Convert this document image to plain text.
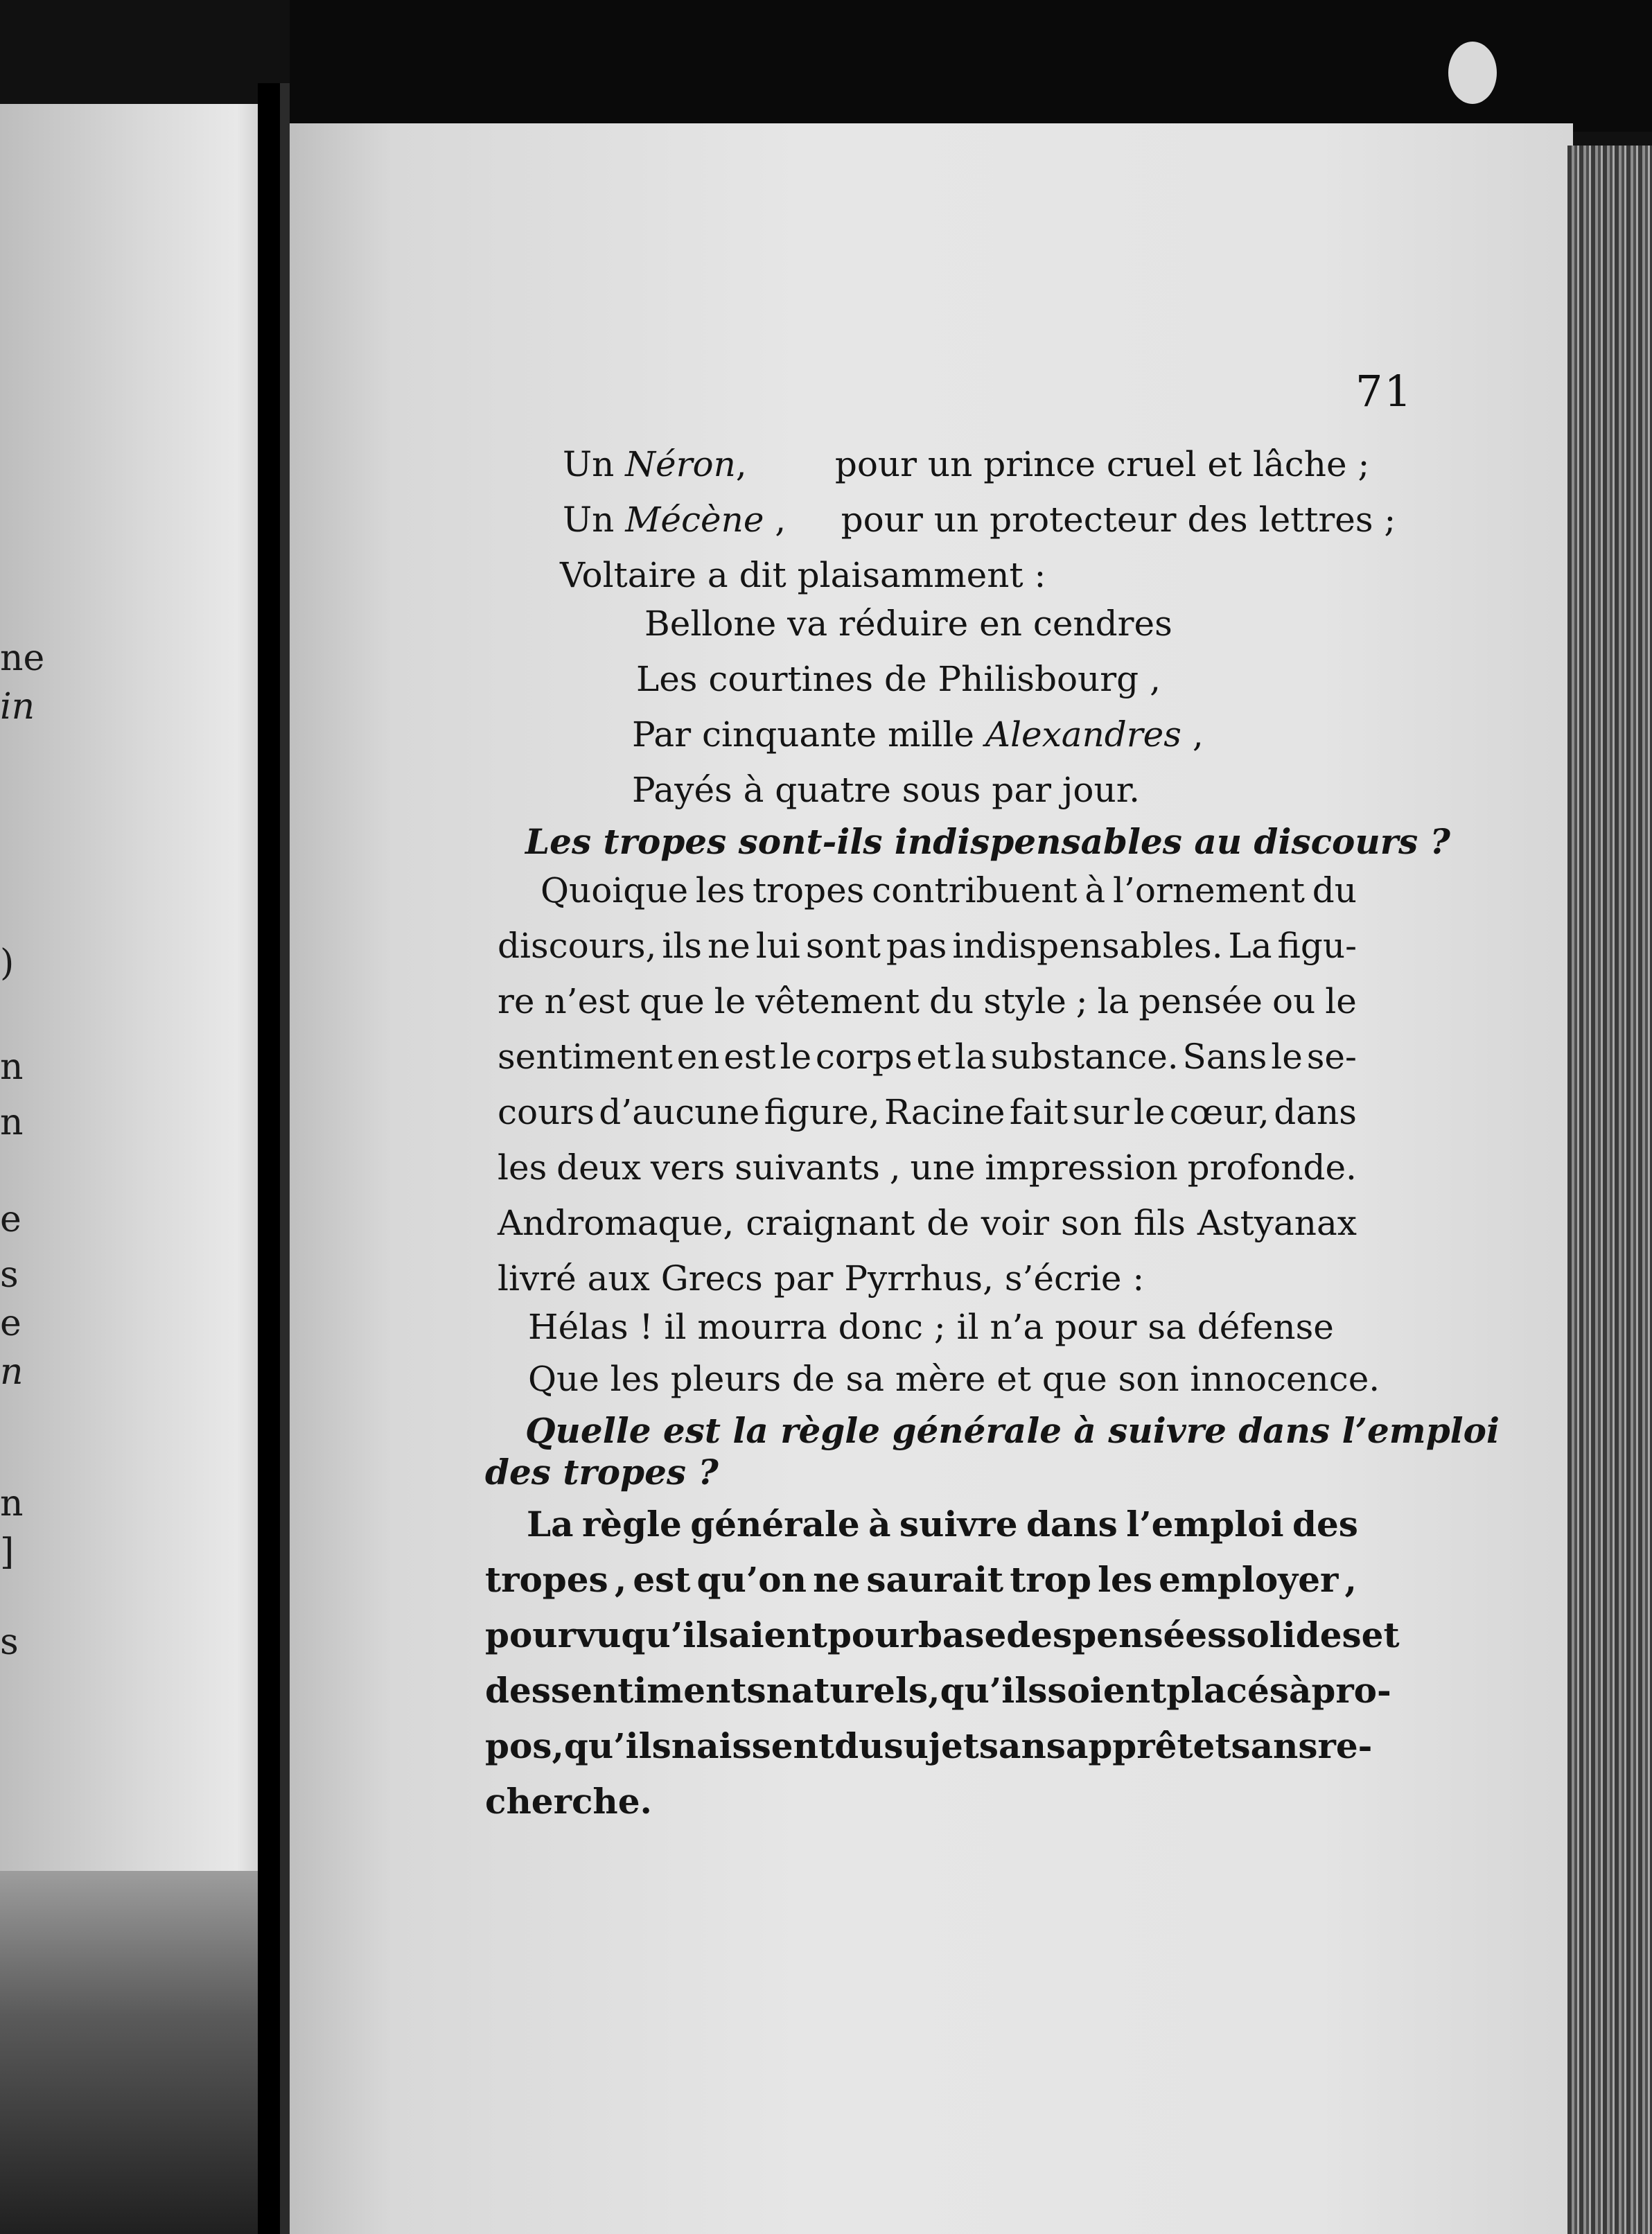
ne
in
)
n
n
e
s
e
n
n
]
s
71
Un Néron,        pour un prince cruel et lâche ;
Un Mécène ,     pour un protecteur des lettres ;
Voltaire a dit plaisamment :
Bellone va réduire en cendres
Les courtines de Philisbourg ,
Par cinquante mille Alexandres ,
Payés à quatre sous par jour.
Les tropes sont-ils indispensables au discours ?
Quoique les tropes contribuent à l’ornement du
discours, ils ne lui sont pas indispensables. La figu-
re n’est que le vêtement du style ; la pensée ou le
sentiment en est le corps et la substance. Sans le se-
cours d’aucune figure, Racine fait sur le cœur, dans
les deux vers suivants , une impression profonde.
Andromaque, craignant de voir son fils Astyanax
livré aux Grecs par Pyrrhus, s’écrie :
Hélas ! il mourra donc ; il n’a pour sa défense
Que les pleurs de sa mère et que son innocence.
Quelle est la règle générale à suivre dans l’emploi
des tropes ?
La règle générale à suivre dans l’emploi des
tropes , est qu’on ne saurait trop les employer ,
pourvu qu’ils aient pour base des pensées solides et
des sentiments naturels , qu’ils soient placés à pro-
pos , qu’ils naissent du sujet sans apprêt et sans re-
cherche.
